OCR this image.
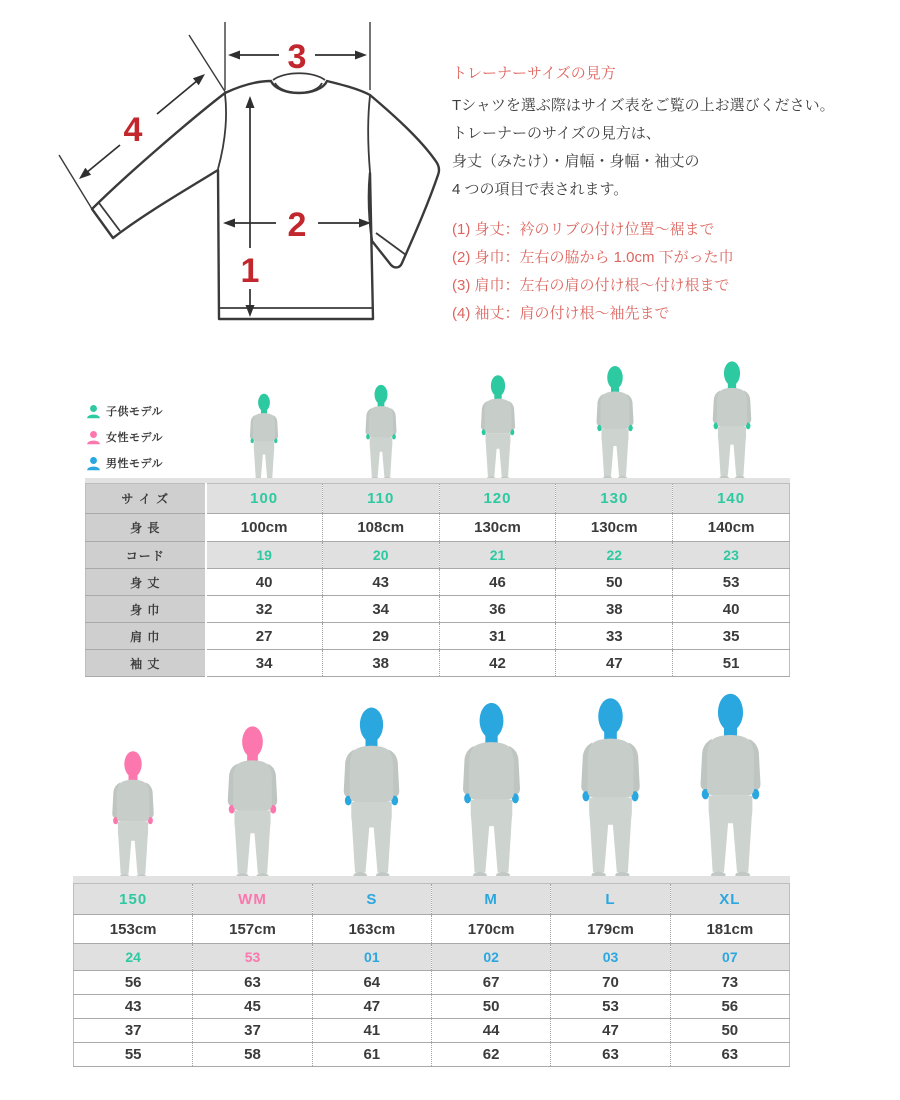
1
2
3
4
トレーナーサイズの見方
Tシャツを選ぶ際はサイズ表をご覧の上お選びください。
トレーナーのサイズの見方は、
身丈（みたけ）・肩幅・身幅・袖丈の
4 つの項目で表されます。
(1) 身丈：衿のリブの付け位置〜裾まで
(2) 身巾：左右の脇から 1.0cm 下がった巾
(3) 肩巾：左右の肩の付け根〜付け根まで
(4) 袖丈：肩の付け根〜袖先まで
子供モデル
女性モデル
男性モデル
サ イ ズ	100	110	120	130	140
身 長	100cm	108cm	130cm	130cm	140cm
コード	19	20	21	22	23
身 丈	40	43	46	50	53
身 巾	32	34	36	38	40
肩 巾	27	29	31	33	35
袖 丈	34	38	42	47	51
150	WM	S	M	L	XL
153cm	157cm	163cm	170cm	179cm	181cm
24	53	01	02	03	07
56	63	64	67	70	73
43	45	47	50	53	56
37	37	41	44	47	50
55	58	61	62	63	63
